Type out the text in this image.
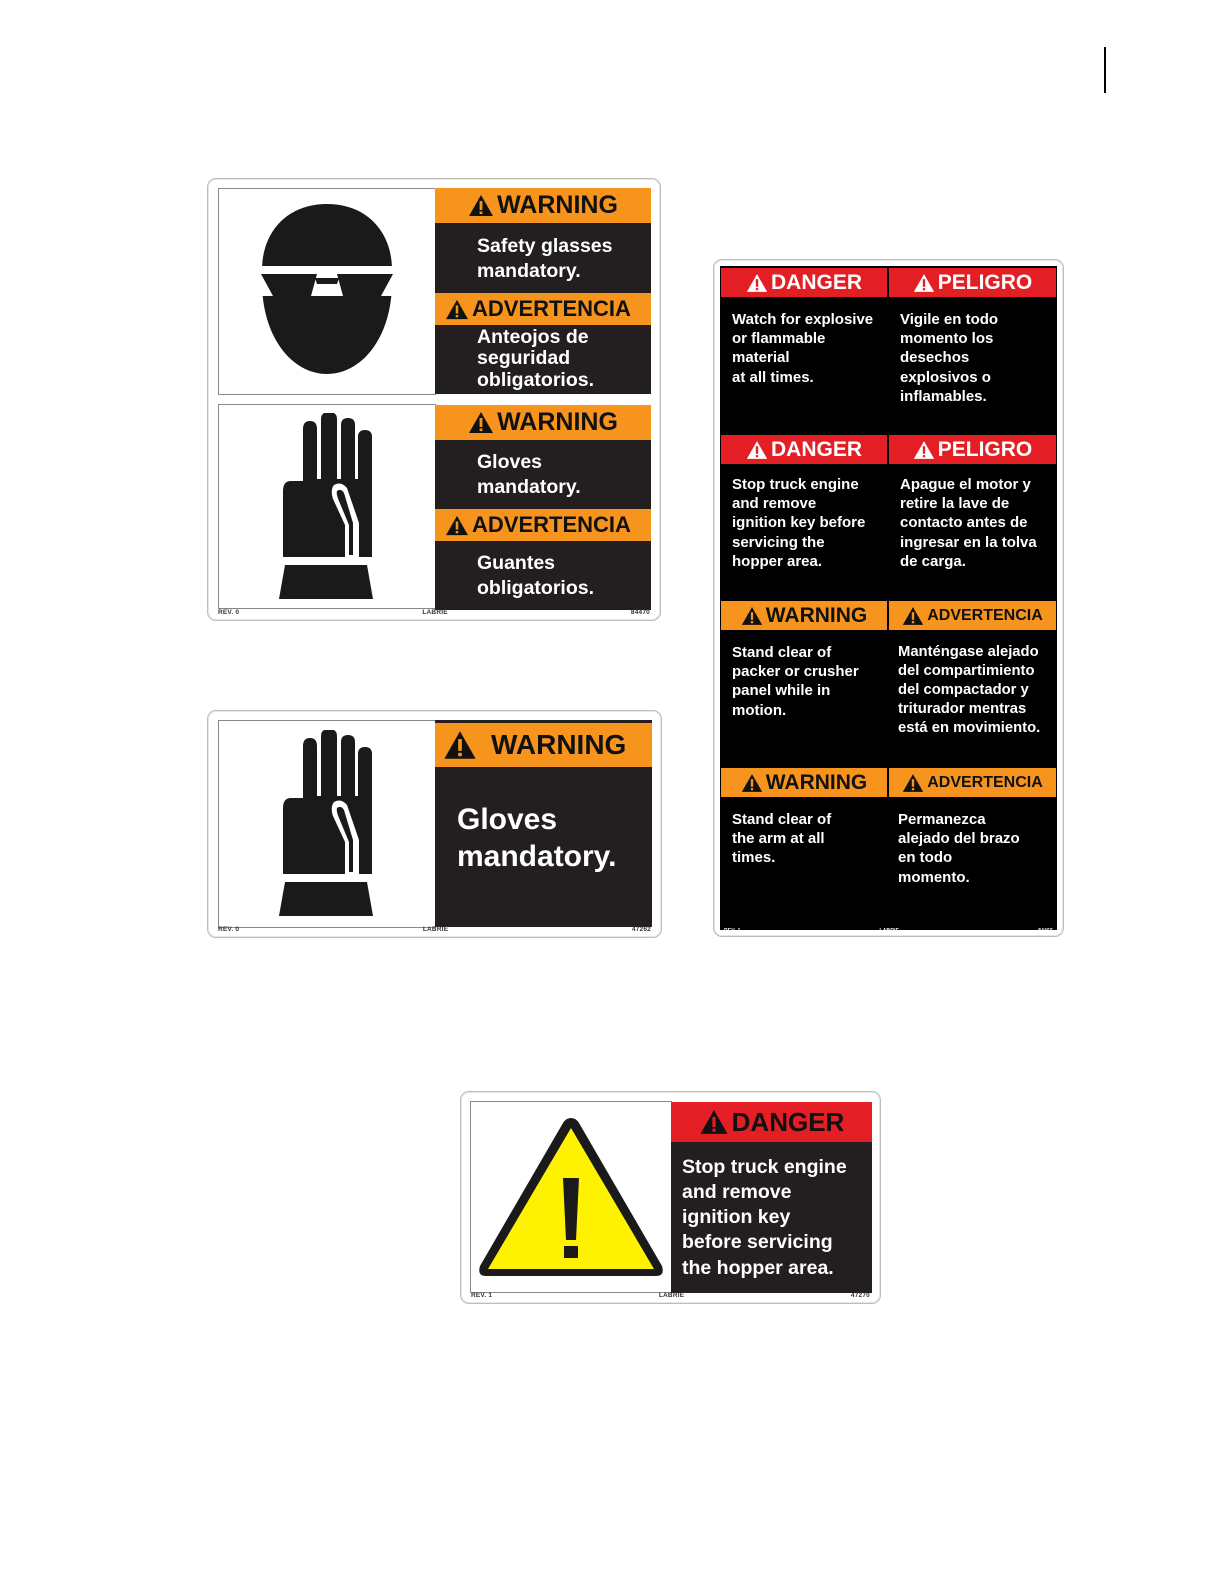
WARNING
Safety glasses
mandatory.
ADVERTENCIA
Anteojos de
seguridad
obligatorios.
WARNING
Gloves
mandatory.
ADVERTENCIA
Guantes
obligatorios.
REV. 0	LABRIE	84470
WARNING
Gloves
mandatory.
REV. 0	LABRIE	47262
DANGER
Watch for explosive
or flammable
material
at all times.
PELIGRO
Vigile en todo
momento los
desechos
explosivos o
inflamables.
DANGER
Stop truck engine
and remove
ignition key before
servicing the
hopper area.
PELIGRO
Apague el motor y
retire la lave de
contacto antes de
ingresar en la tolva
de carga.
WARNING
Stand clear of
packer or crusher
panel while in
motion.
ADVERTENCIA
Manténgase alejado
del compartimiento
del compactador y
triturador mentras
está en movimiento.
WARNING
Stand clear of
the arm at all
times.
ADVERTENCIA
Permanezca
alejado del brazo
en todo
momento.
REV. 1	LABRIE	84466
DANGER
Stop truck engine
and remove
ignition key
before servicing
the hopper area.
REV. 1	LABRIE	47270
